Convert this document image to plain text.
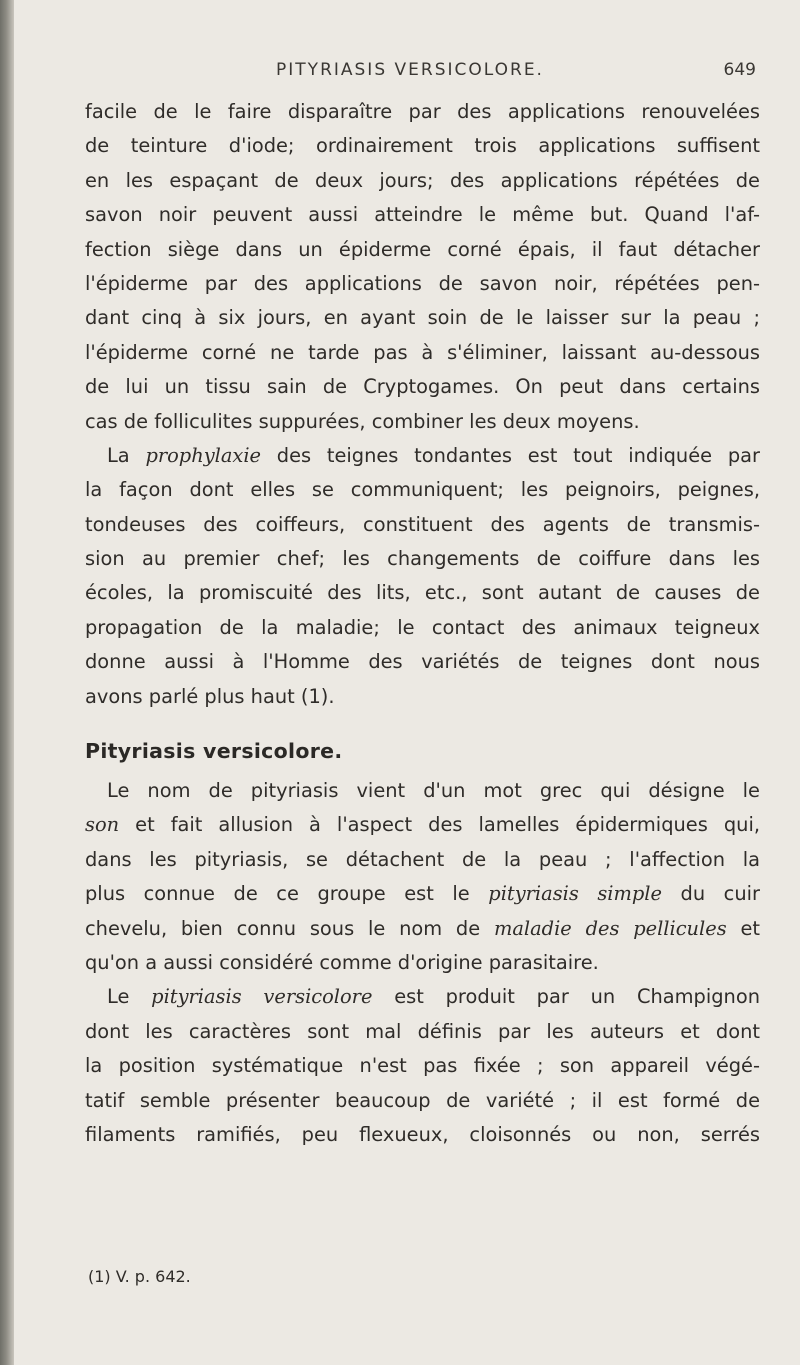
PITYRIASIS VERSICOLORE.	649
facile de le faire disparaître par des applications renouvelées
de teinture d'iode; ordinairement trois applications suffisent
en les espaçant de deux jours; des applications répétées de
savon noir peuvent aussi atteindre le même but. Quand l'af-
fection siège dans un épiderme corné épais, il faut détacher
l'épiderme par des applications de savon noir, répétées pen-
dant cinq à six jours, en ayant soin de le laisser sur la peau ;
l'épiderme corné ne tarde pas à s'éliminer, laissant au-dessous
de lui un tissu sain de Cryptogames. On peut dans certains
cas de folliculites suppurées, combiner les deux moyens.
La prophylaxie des teignes tondantes est tout indiquée par
la façon dont elles se communiquent; les peignoirs, peignes,
tondeuses des coiffeurs, constituent des agents de transmis-
sion au premier chef; les changements de coiffure dans les
écoles, la promiscuité des lits, etc., sont autant de causes de
propagation de la maladie; le contact des animaux teigneux
donne aussi à l'Homme des variétés de teignes dont nous
avons parlé plus haut (1).
Pityriasis versicolore.
Le nom de pityriasis vient d'un mot grec qui désigne le
son et fait allusion à l'aspect des lamelles épidermiques qui,
dans les pityriasis, se détachent de la peau ; l'affection la
plus connue de ce groupe est le pityriasis simple du cuir
chevelu, bien connu sous le nom de maladie des pellicules et
qu'on a aussi considéré comme d'origine parasitaire.
Le pityriasis versicolore est produit par un Champignon
dont les caractères sont mal définis par les auteurs et dont
la position systématique n'est pas fixée ; son appareil végé-
tatif semble présenter beaucoup de variété ; il est formé de
filaments ramifiés, peu flexueux, cloisonnés ou non, serrés
(1) V. p. 642.
